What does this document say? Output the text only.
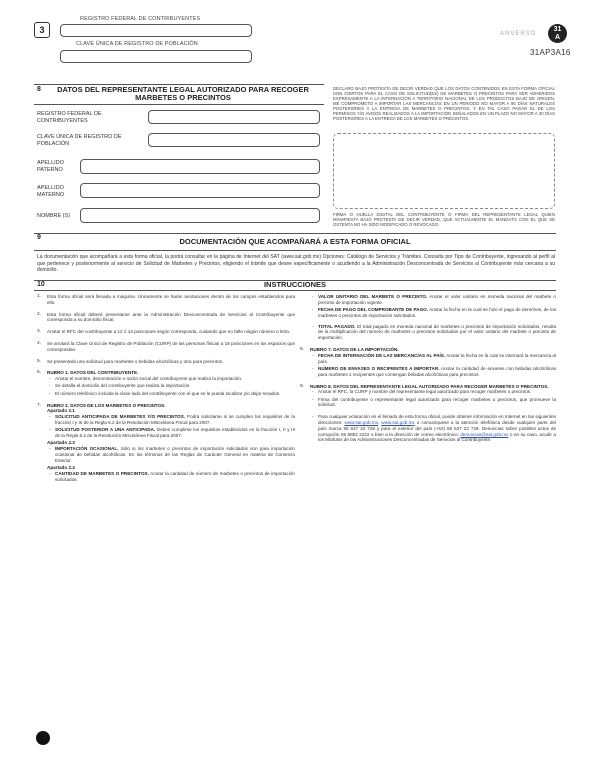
3
REGISTRO FEDERAL DE CONTRIBUYENTES
CLAVE ÚNICA DE REGISTRO DE POBLACIÓN
ANVERSO
31
A
31AP3A16
8	DATOS DEL REPRESENTANTE LEGAL AUTORIZADO PARA RECOGER MARBETES O PRECINTOS
REGISTRO FEDERAL DE CONTRIBUYENTES
CLAVE ÚNICA DE REGISTRO DE POBLACIÓN
APELLIDO PATERNO
APELLIDO MATERNO
NOMBRE (S)
DECLARO BAJO PROTESTA DE DECIR VERDAD QUE LOS DATOS CONTENIDOS EN ESTA FORMA OFICIAL SON CIERTOS PARA EL CASO DE SOLICITUD(ES) DE MARBETES O PRECINTOS PARA SER ADHERIDOS EXPRESAMENTE A LA INTERNACIÓN A TERRITORIO NACIONAL DE LOS PRODUCTOS BAJO DE ORIGEN, ME COMPROMETO A IMPORTAR LAS MERCANCÍAS EN UN PERIODO NO MAYOR A 90 DÍAS NATURALES POSTERIORES A LA ENTREGA DE MARBETES O PRECINTOS, Y EN TAL CASO PAGAR EL DE LOS PERMISOS Y/O AVISOS REALIZADOS A LA IMPORTACIÓN SEÑALADOS EN UN PLAZO NO MAYOR A 30 DÍAS POSTERIORES A LA ENTREGA DE LOS MARBETES O PRECINTOS.
FIRMA O HUELLA DIGITAL DEL CONTRIBUYENTE O FIRMA DEL REPRESENTANTE LEGAL QUIEN MANIFIESTA BAJO PROTESTA DE DECIR VERDAD, QUE ACTUALMENTE EL MANDATO CON EL QUE SE OSTENTA NO HA SIDO MODIFICADO O REVOCADO.
9	DOCUMENTACIÓN QUE ACOMPAÑARÁ A ESTA FORMA OFICIAL
La documentación que acompañará a esta forma oficial, la podrá consultar en la página de Internet del SAT (www.sat.gob.mx) Opciones: Catálogo de Servicios y Trámites. Consulta por Tipo de Contribuyente, ingresando al perfil al que pertenece y posteriormente al servicio de Solicitud de Marbetes y Precintos, eligiendo el trámite que desee específicamente o acudiendo a la Administración Desconcentrada de Servicios al Contribuyente más cercana a su domicilio.
10	INSTRUCCIONES
1. Esta forma oficial será llenada a máquina. Únicamente se harán anotaciones dentro de los campos establecidos para ello.
2. Esta forma oficial deberá presentarse ante la Administración Desconcentrada de Servicios al Contribuyente que corresponda a su domicilio fiscal.
3. Anotar el RFC del contribuyente a 12 ó 13 posiciones según corresponda, cuidando que no falte ningún número o letra.
4. Se anotará la Clave Única de Registro de Población (CURP) de las personas físicas a 18 posiciones en los espacios que correspondan.
5. Se presentará una solicitud para marbetes o bebidas alcohólicas y otra para precintos.
6. RUBRO 1. DATOS DEL CONTRIBUYENTE.
- Anotar el nombre, denominación o razón social del contribuyente que realiza la importación.
- Se detalla el domicilio del contribuyente que realiza la importación.
- El número telefónico incluida la clave lada del contribuyente con el que se le pueda localizar y/o dejar recados.
7. RUBRO 2. DATOS DE LOS MARBETES O PRECINTOS.
Apartado 2.1
- SOLICITUD ANTICIPADA DE MARBETES Y/O PRECINTOS. Podrá solicitarse si se cumplen los requisitos de la fracción I y III de la Regla 6.2 de la Resolución Miscelánea Fiscal para 2007.
- SOLICITUD POSTERIOR A UNA ANTICIPADA. Deben cumplirse los requisitos establecidos en la fracción I, II y III de la Regla 6.2 de la Resolución Miscelánea Fiscal para 2007.
Apartado 2.3
- IMPORTACIÓN OCASIONAL. Sólo si los marbetes o precintos de importación solicitados son para importación ocasional de bebidas alcohólicas. En los términos de las Reglas de Carácter General en materia de Comercio Exterior.
Apartado 2.4
- CANTIDAD DE MARBETES O PRECINTOS. Anotar la cantidad de número de marbetes o precintos de importación solicitados.
- VALOR UNITARIO DEL MARBETE O PRECINTO. Anotar el valor unitario en moneda nacional del marbete o precinto de importación vigente.
- FECHA DE PAGO DEL COMPROBANTE DE PAGO. Anotar la fecha en la cual se hizo el pago de derechos, de los marbetes o precintos de importación solicitados.
- TOTAL PAGADO. El total pagado en moneda nacional de marbetes o precintos de importación solicitados, resulta de la multiplicación del número de marbetes o precintos solicitados por el valor unitario del marbete o precinto de importación.
8. RUBRO 7. DATOS DE LA IMPORTACIÓN.
- FECHA DE INTERNACIÓN DE LAS MERCANCÍAS AL PAÍS. Anotar la fecha en la cual se internará la mercancía al país.
- NÚMERO DE ENVASES O RECIPIENTES A IMPORTAR. Anotar la cantidad de envases con bebidas alcohólicas para marbetes o recipientes que contengan bebidas alcohólicas para precintos.
9. RUBRO 8. DATOS DEL REPRESENTANTE LEGAL AUTORIZADO PARA RECOGER MARBETES O PRECINTOS.
- Anotar el RFC, la CURP y nombre del representante legal autorizado para recoger marbetes o precintos.
- Firma del contribuyente o representante legal autorizado para recoger marbetes o precintos, que promueve la solicitud.
- Para cualquier aclaración en el llenado de esta forma oficial, puede obtener información en Internet en las siguientes direcciones: www.sat.gob.mx, www.sat.gob.mx o comuníquese a la atención telefónica desde cualquier parte del país marca 55 627 22 728 y para el exterior del país (+52) 55 627 22 728. Denuncias sobre posibles actos de corrupción 55 8852 2222 o bien a la dirección de correo electrónico: denuncias@sat.gob.mx o en su caso, acudir a los Módulos de las Administraciones Desconcentradas de Servicios al Contribuyente.
